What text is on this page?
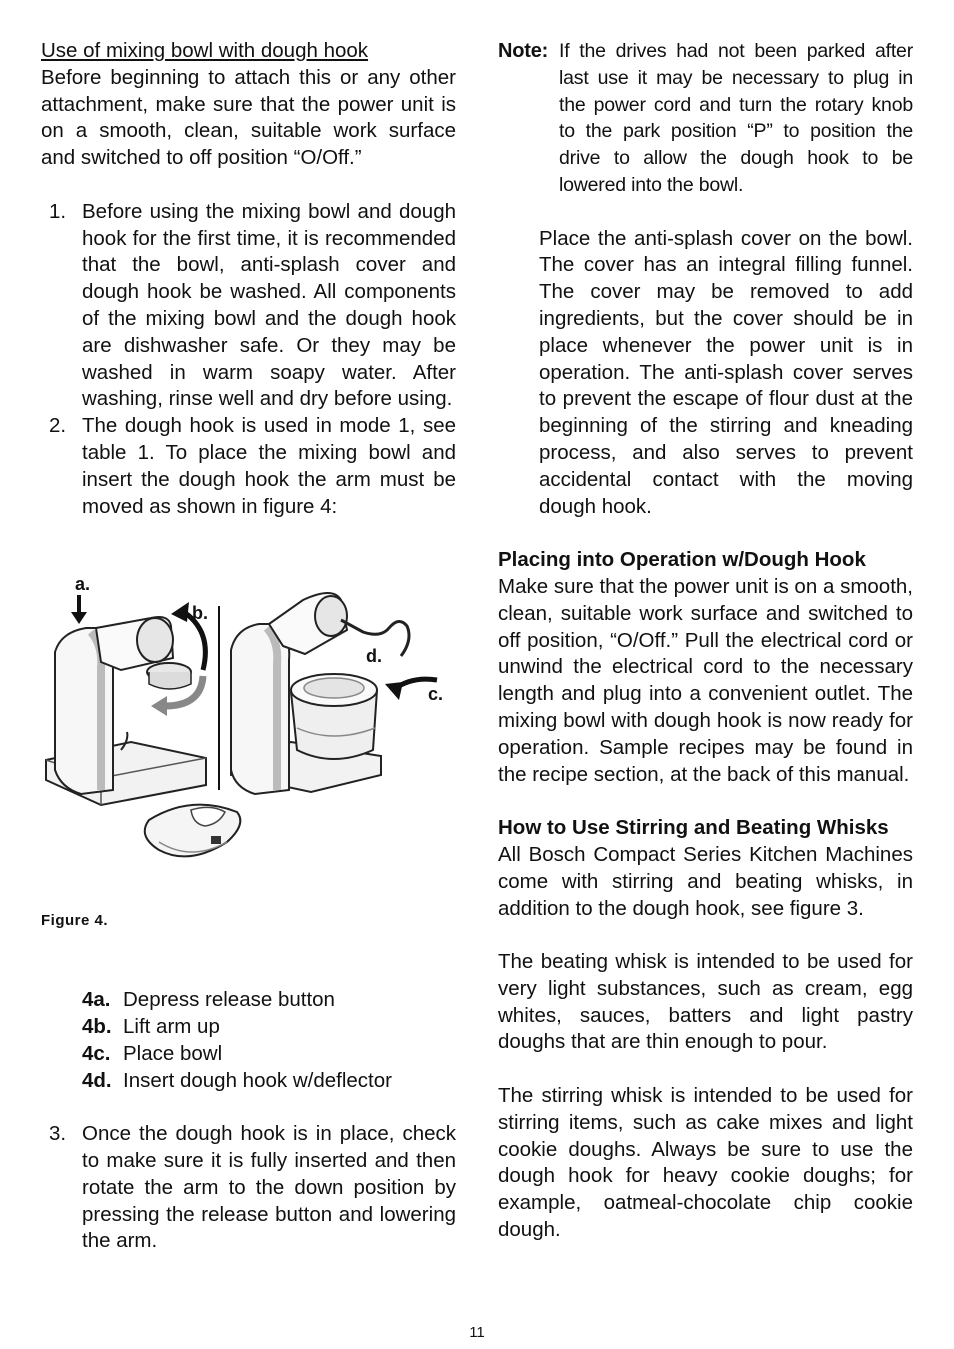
Use of mixing bowl with dough hook

Before beginning to attach this or any other attachment, make sure that the power unit is on a smooth, clean, suitable work surface and switched to off position “O/Off.”

1. Before using the mixing bowl and dough hook for the first time, it is recommended that the bowl, anti-splash cover and dough hook be washed. All components of the mixing bowl and the dough hook are dishwasher safe. Or they may be washed in warm soapy water. After washing, rinse well and dry before using.
2. The dough hook is used in mode 1, see table 1. To place the mixing bowl and insert the dough hook the arm must be moved as shown in figure 4:
a.
b.
d.
c.

Figure 4.

4a. Depress release button
4b. Lift arm up
4c. Place bowl
4d. Insert dough hook w/deflector
3. Once the dough hook is in place, check to make sure it is fully inserted and then rotate the arm to the down position by pressing the release button and lowering the arm.
Note: If the drives had not been parked after last use it may be necessary to plug in the power cord and turn the rotary knob to the park position “P” to position the drive to allow the dough hook to be lowered into the bowl.

Place the anti-splash cover on the bowl. The cover has an integral filling funnel. The cover may be removed to add ingredients, but the cover should be in place whenever the power unit is in operation. The anti-splash cover serves to prevent the escape of flour dust at the beginning of the stirring and kneading process, and also serves to prevent accidental contact with the moving dough hook.

Placing into Operation w/Dough Hook

Make sure that the power unit is on a smooth, clean, suitable work surface and switched to off position, “O/Off.” Pull the electrical cord or unwind the electrical cord to the necessary length and plug into a convenient outlet. The mixing bowl with dough hook is now ready for operation. Sample recipes may be found in the recipe section, at the back of this manual.

How to Use Stirring and Beating Whisks

All Bosch Compact Series Kitchen Machines come with stirring and beating whisks, in addition to the dough hook, see figure 3.

The beating whisk is intended to be used for very light substances, such as cream, egg whites, sauces, batters and light pastry doughs that are thin enough to pour.

The stirring whisk is intended to be used for stirring items, such as cake mixes and light cookie doughs. Always be sure to use the dough hook for heavy cookie doughs; for example, oatmeal-chocolate chip cookie dough.

11
